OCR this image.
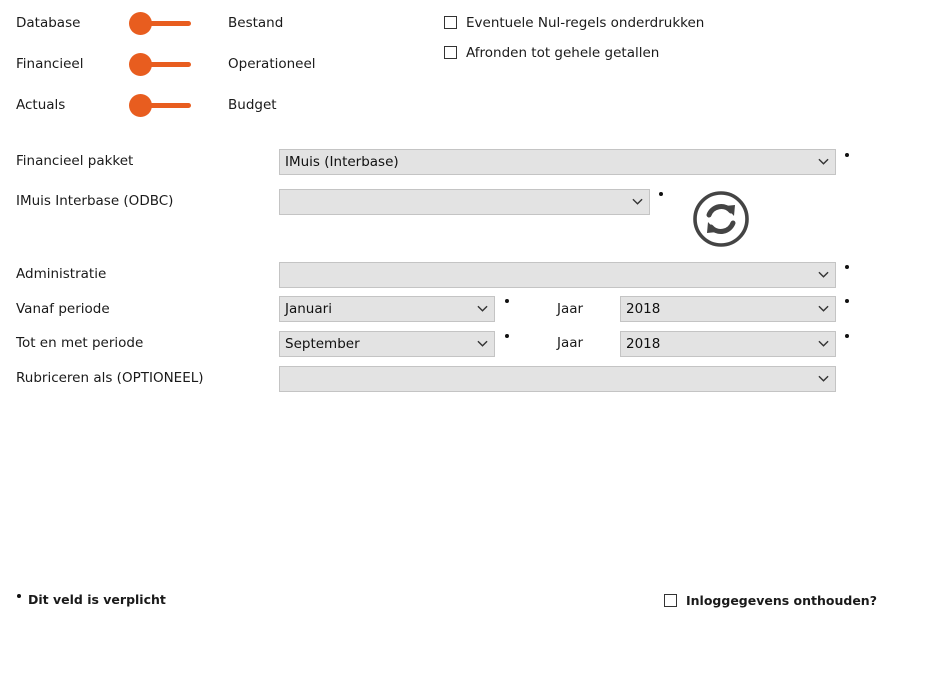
Database	Bestand
Financieel	Operationeel
Actuals	Budget
Eventuele Nul-regels onderdrukken
Afronden tot gehele getallen
Financieel pakket	IMuis (Interbase)
IMuis Interbase (ODBC)
Administratie
Vanaf periode	Januari	Jaar	2018
Tot en met periode	September	Jaar	2018
Rubriceren als (OPTIONEEL)
Dit veld is verplicht	Inloggegevens onthouden?
